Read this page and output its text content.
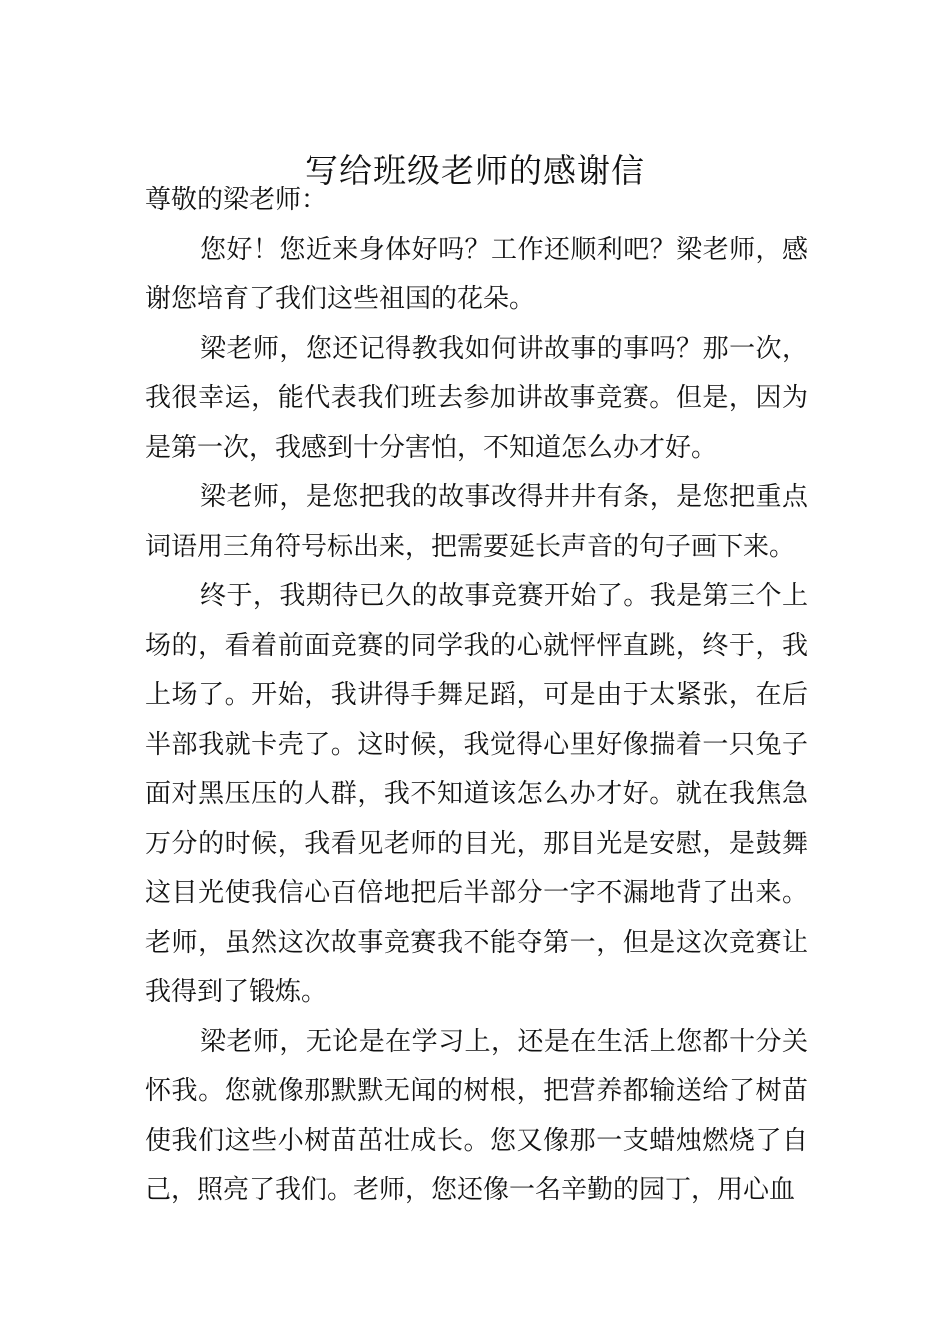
写给班级老师的感谢信

尊敬的梁老师：

您好！您近来身体好吗？工作还顺利吧？梁老师，感谢您培育了我们这些祖国的花朵。

梁老师，您还记得教我如何讲故事的事吗？那一次，我很幸运，能代表我们班去参加讲故事竞赛。但是，因为是第一次，我感到十分害怕，不知道怎么办才好。

梁老师，是您把我的故事改得井井有条，是您把重点词语用三角符号标出来，把需要延长声音的句子画下来。

终于，我期待已久的故事竞赛开始了。我是第三个上场的，看着前面竞赛的同学我的心就怦怦直跳，终于，我上场了。开始，我讲得手舞足蹈，可是由于太紧张，在后半部我就卡壳了。这时候，我觉得心里好像揣着一只兔子面对黑压压的人群，我不知道该怎么办才好。就在我焦急万分的时候，我看见老师的目光，那目光是安慰，是鼓舞这目光使我信心百倍地把后半部分一字不漏地背了出来。老师，虽然这次故事竞赛我不能夺第一，但是这次竞赛让我得到了锻炼。

梁老师，无论是在学习上，还是在生活上您都十分关怀我。您就像那默默无闻的树根，把营养都输送给了树苗使我们这些小树苗茁壮成长。您又像那一支蜡烛燃烧了自己，照亮了我们。老师，您还像一名辛勤的园丁，用心血
